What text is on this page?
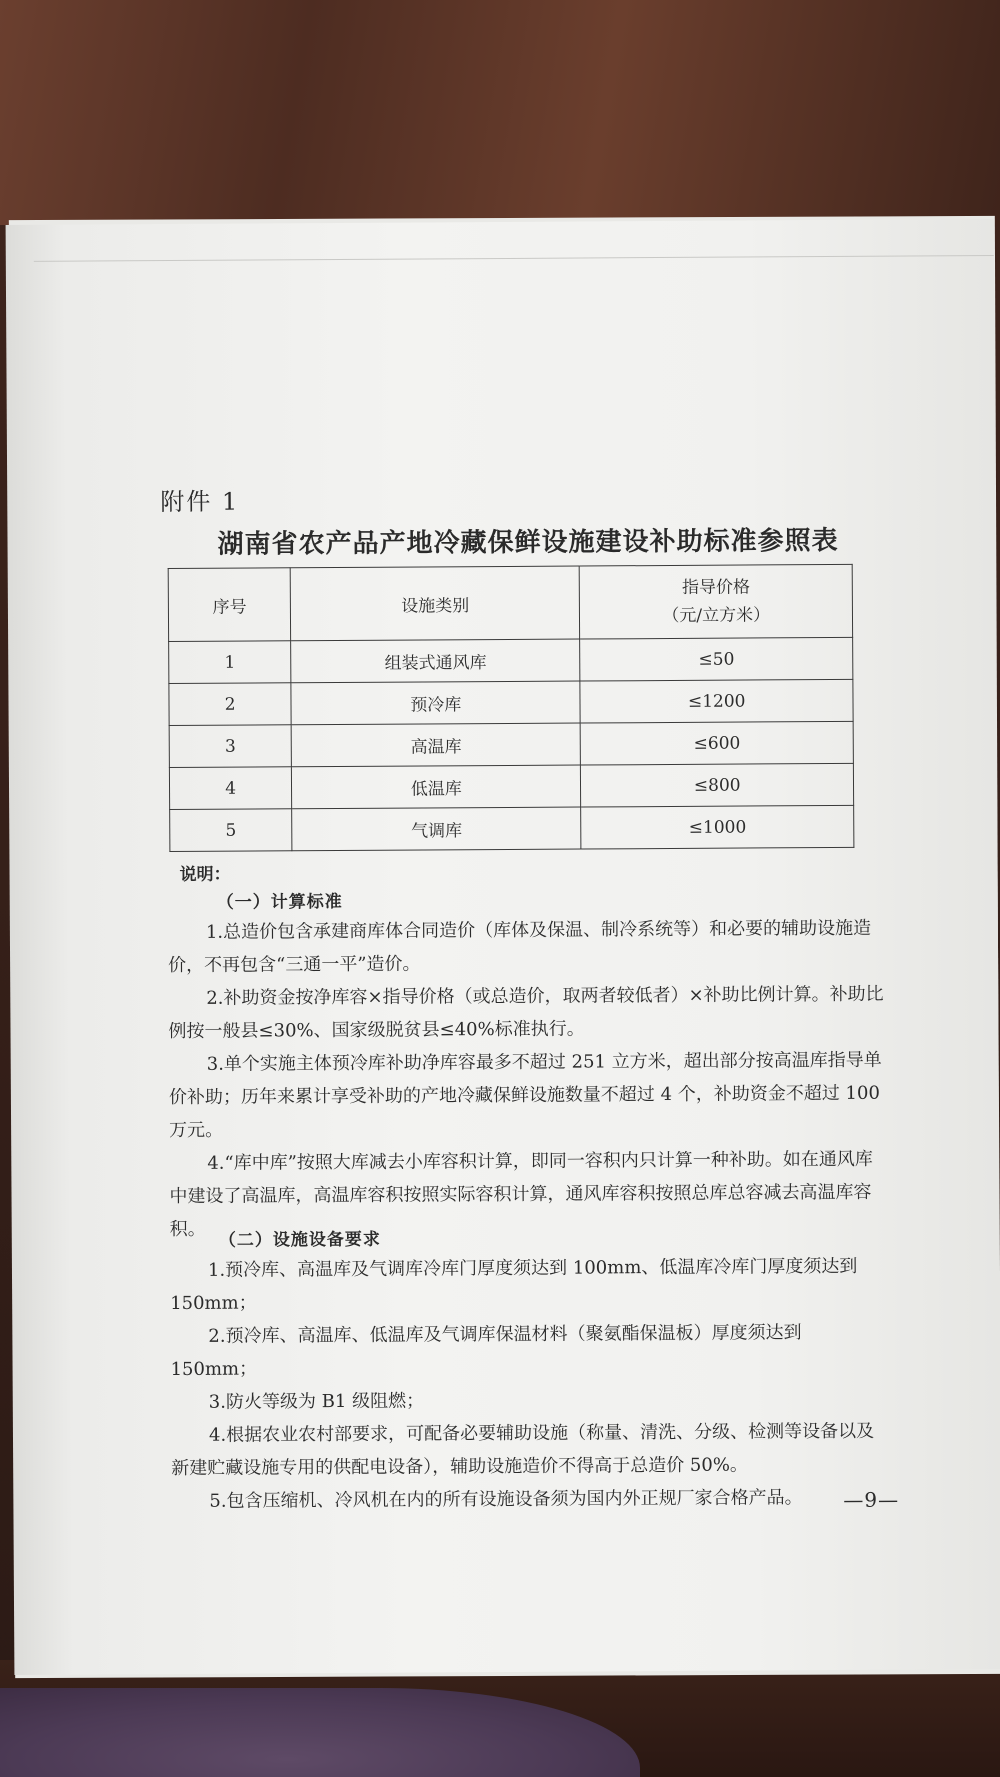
附件 1
湖南省农产品产地冷藏保鲜设施建设补助标准参照表
序号	设施类别	指导价格
（元/立方米）

1	组装式通风库	≤50
2	预冷库	≤1200
3	高温库	≤600
4	低温库	≤800
5	气调库	≤1000
说明：
（一）计算标准

1.总造价包含承建商库体合同造价（库体及保温、制冷系统等）和必要的辅助设施造价，不再包含“三通一平”造价。

2.补助资金按净库容×指导价格（或总造价，取两者较低者）×补助比例计算。补助比例按一般县≤30%、国家级脱贫县≤40%标准执行。

3.单个实施主体预冷库补助净库容最多不超过 251 立方米，超出部分按高温库指导单价补助；历年来累计享受补助的产地冷藏保鲜设施数量不超过 4 个，补助资金不超过 100 万元。

4.“库中库”按照大库减去小库容积计算，即同一容积内只计算一种补助。如在通风库中建设了高温库，高温库容积按照实际容积计算，通风库容积按照总库总容减去高温库容积。

（二）设施设备要求

1.预冷库、高温库及气调库冷库门厚度须达到 100mm、低温库冷库门厚度须达到 150mm；

2.预冷库、高温库、低温库及气调库保温材料（聚氨酯保温板）厚度须达到 150mm；

3.防火等级为 B1 级阻燃；

4.根据农业农村部要求，可配备必要辅助设施（称量、清洗、分级、检测等设备以及新建贮藏设施专用的供配电设备），辅助设施造价不得高于总造价 50%。

5.包含压缩机、冷风机在内的所有设施设备须为国内外正规厂家合格产品。	—9—
